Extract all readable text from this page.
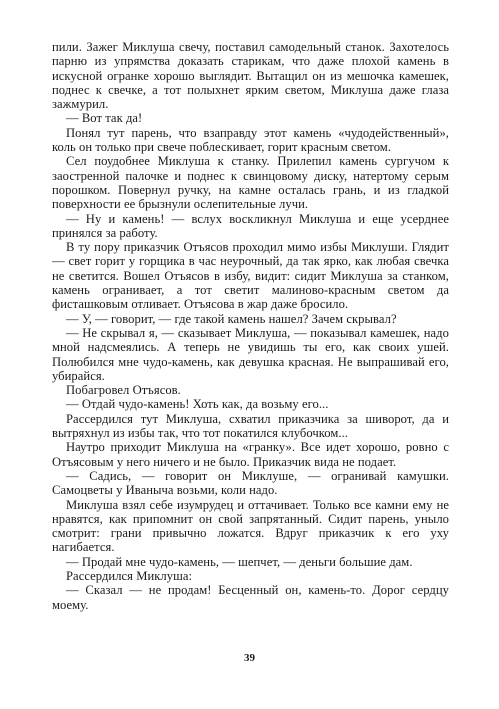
пили. Зажег Миклуша свечу, поставил самодельный станок. Захотелось парню из упрямства доказать старикам, что даже плохой камень в искусной огранке хорошо выглядит. Вытащил он из мешочка камешек, поднес к свечке, а тот полыхнет ярким светом, Миклуша даже глаза зажмурил.

— Вот так да!

Понял тут парень, что взаправду этот камень «чудодейственный», коль он только при свече поблескивает, горит красным светом.

Сел поудобнее Миклуша к станку. Прилепил камень сургучом к заостренной палочке и поднес к свинцовому диску, натертому серым порошком. Повернул ручку, на камне осталась грань, и из гладкой поверхности ее брызнули ослепительные лучи.

— Ну и камень! — вслух воскликнул Миклуша и еще усерднее принялся за работу.

В ту пору приказчик Отъясов проходил мимо избы Миклуши. Глядит — свет горит у горщика в час неурочный, да так ярко, как любая свечка не светится. Вошел Отъясов в избу, видит: сидит Миклуша за станком, камень огранивает, а тот светит малиново-красным светом да фисташковым отливает. Отъясова в жар даже бросило.

— У, — говорит, — где такой камень нашел? Зачем скрывал?

— Не скрывал я, — сказывает Миклуша, — показывал камешек, надо мной надсмеялись. А теперь не увидишь ты его, как своих ушей. Полюбился мне чудо-камень, как девушка красная. Не выпрашивай его, убирайся.

Побагровел Отъясов.

— Отдай чудо-камень! Хоть как, да возьму его...

Рассердился тут Миклуша, схватил приказчика за шиворот, да и вытряхнул из избы так, что тот покатился клубочком...

Наутро приходит Миклуша на «гранку». Все идет хорошо, ровно с Отъясовым у него ничего и не было. Приказчик вида не подает.

— Садись, — говорит он Миклуше, — огранивай камушки. Самоцветы у Иваныча возьми, коли надо.

Миклуша взял себе изумрудец и оттачивает. Только все камни ему не нравятся, как припомнит он свой запрятанный. Сидит парень, уныло смотрит: грани привычно ложатся. Вдруг приказчик к его уху нагибается.

— Продай мне чудо-камень, — шепчет, — деньги большие дам.

Рассердился Миклуша:

— Сказал — не продам! Бесценный он, камень-то. Дорог сердцу моему.

39
